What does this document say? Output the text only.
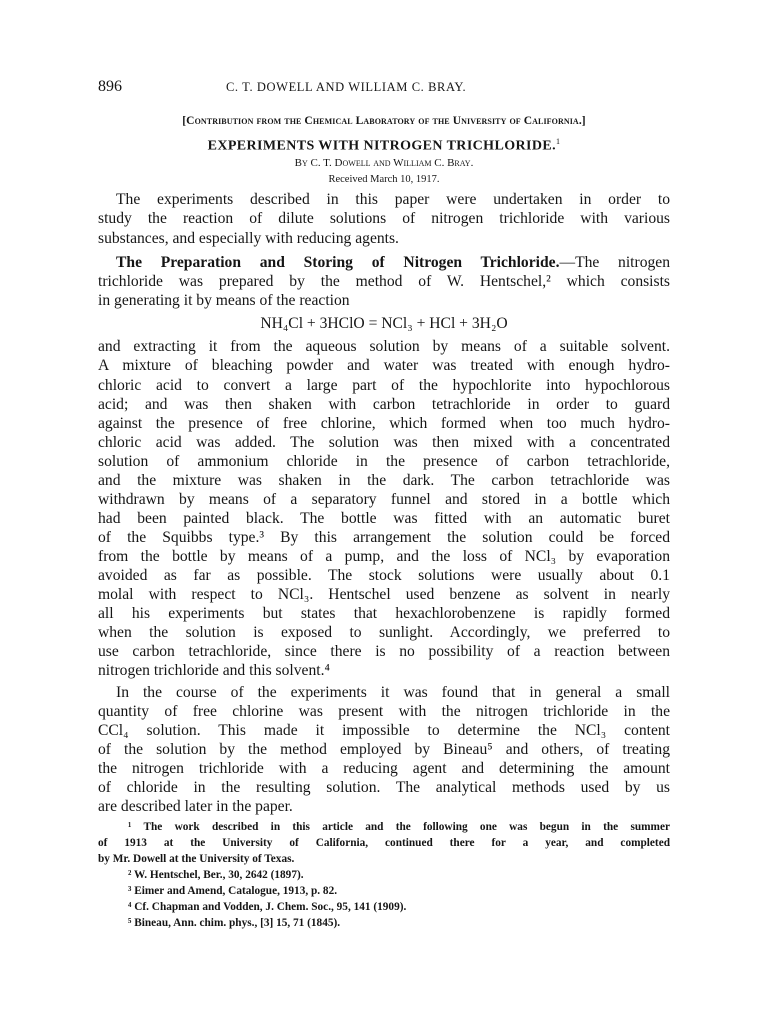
896	C. T. DOWELL AND WILLIAM C. BRAY.
[Contribution from the Chemical Laboratory of the University of California.]
EXPERIMENTS WITH NITROGEN TRICHLORIDE.$^1$
By C. T. Dowell and William C. Bray.
Received March 10, 1917.
The experiments described in this paper were undertaken in order to
study the reaction of dilute solutions of nitrogen trichloride with various
substances, and especially with reducing agents.
The Preparation and Storing of Nitrogen Trichloride.—The nitrogen
trichloride was prepared by the method of W. Hentschel,² which consists
in generating it by means of the reaction
NH₄Cl + 3HClO = NCl₃ + HCl + 3H₂O
and extracting it from the aqueous solution by means of a suitable solvent.
A mixture of bleaching powder and water was treated with enough hydro-
chloric acid to convert a large part of the hypochlorite into hypochlorous
acid; and was then shaken with carbon tetrachloride in order to guard
against the presence of free chlorine, which formed when too much hydro-
chloric acid was added. The solution was then mixed with a concentrated
solution of ammonium chloride in the presence of carbon tetrachloride,
and the mixture was shaken in the dark. The carbon tetrachloride was
withdrawn by means of a separatory funnel and stored in a bottle which
had been painted black. The bottle was fitted with an automatic buret
of the Squibbs type.³ By this arrangement the solution could be forced
from the bottle by means of a pump, and the loss of NCl₃ by evaporation
avoided as far as possible. The stock solutions were usually about 0.1
molal with respect to NCl₃. Hentschel used benzene as solvent in nearly
all his experiments but states that hexachlorobenzene is rapidly formed
when the solution is exposed to sunlight. Accordingly, we preferred to
use carbon tetrachloride, since there is no possibility of a reaction between
nitrogen trichloride and this solvent.⁴
In the course of the experiments it was found that in general a small
quantity of free chlorine was present with the nitrogen trichloride in the
CCl₄ solution. This made it impossible to determine the NCl₃ content
of the solution by the method employed by Bineau⁵ and others, of treating
the nitrogen trichloride with a reducing agent and determining the amount
of chloride in the resulting solution. The analytical methods used by us
are described later in the paper.
¹ The work described in this article and the following one was begun in the summer
of 1913 at the University of California, continued there for a year, and completed
by Mr. Dowell at the University of Texas.
² W. Hentschel, Ber., 30, 2642 (1897).
³ Eimer and Amend, Catalogue, 1913, p. 82.
⁴ Cf. Chapman and Vodden, J. Chem. Soc., 95, 141 (1909).
⁵ Bineau, Ann. chim. phys., [3] 15, 71 (1845).
